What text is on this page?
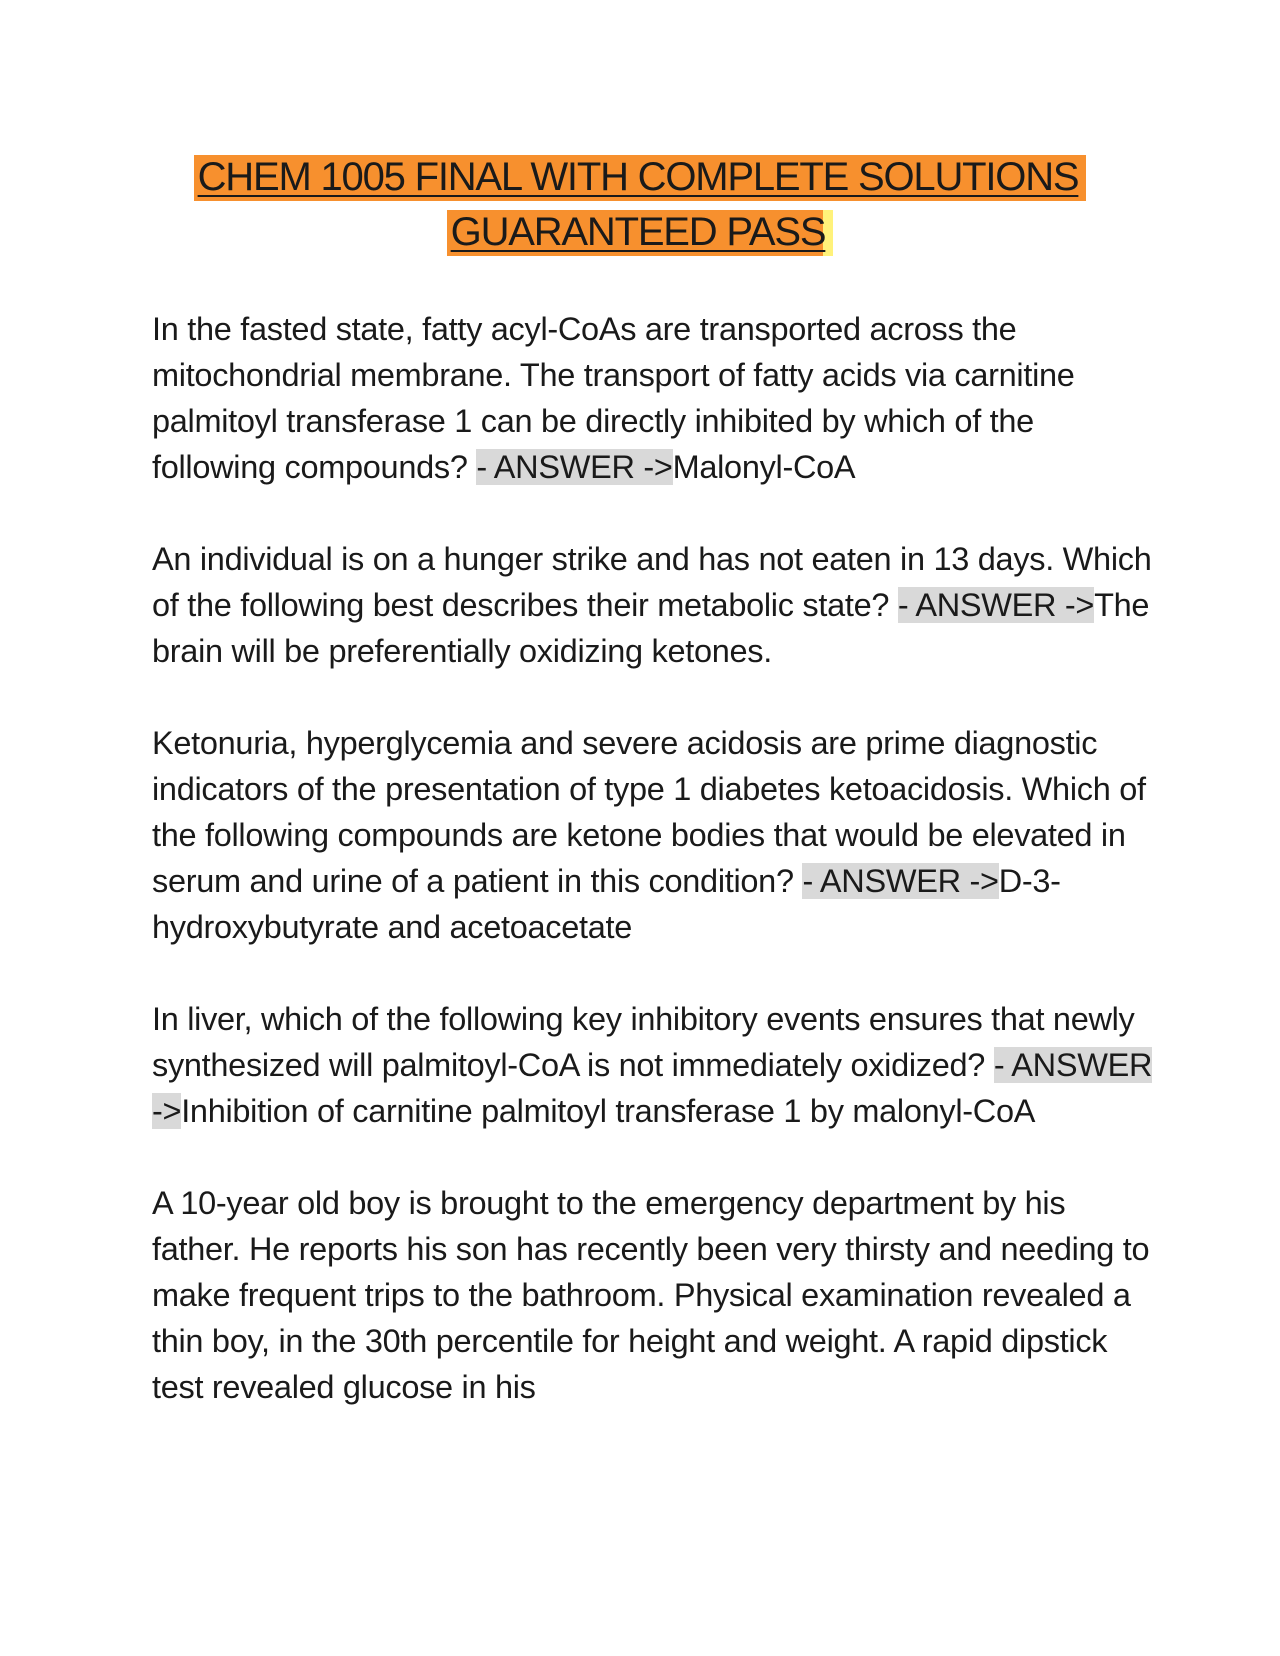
CHEM 1005 FINAL WITH COMPLETE SOLUTIONS
GUARANTEED PASS

In the fasted state, fatty acyl-CoAs are transported across the mitochondrial membrane. The transport of fatty acids via carnitine palmitoyl transferase 1 can be directly inhibited by which of the following compounds? - ANSWER ->Malonyl-CoA

An individual is on a hunger strike and has not eaten in 13 days. Which of the following best describes their metabolic state? - ANSWER ->The brain will be preferentially oxidizing ketones.

Ketonuria, hyperglycemia and severe acidosis are prime diagnostic indicators of the presentation of type 1 diabetes ketoacidosis. Which of the following compounds are ketone bodies that would be elevated in serum and urine of a patient in this condition? - ANSWER ->D-3-hydroxybutyrate and acetoacetate

In liver, which of the following key inhibitory events ensures that newly synthesized will palmitoyl-CoA is not immediately oxidized? - ANSWER ->Inhibition of carnitine palmitoyl transferase 1 by malonyl-CoA

A 10-year old boy is brought to the emergency department by his father. He reports his son has recently been very thirsty and needing to make frequent trips to the bathroom. Physical examination revealed a thin boy, in the 30th percentile for height and weight. A rapid dipstick test revealed glucose in his
